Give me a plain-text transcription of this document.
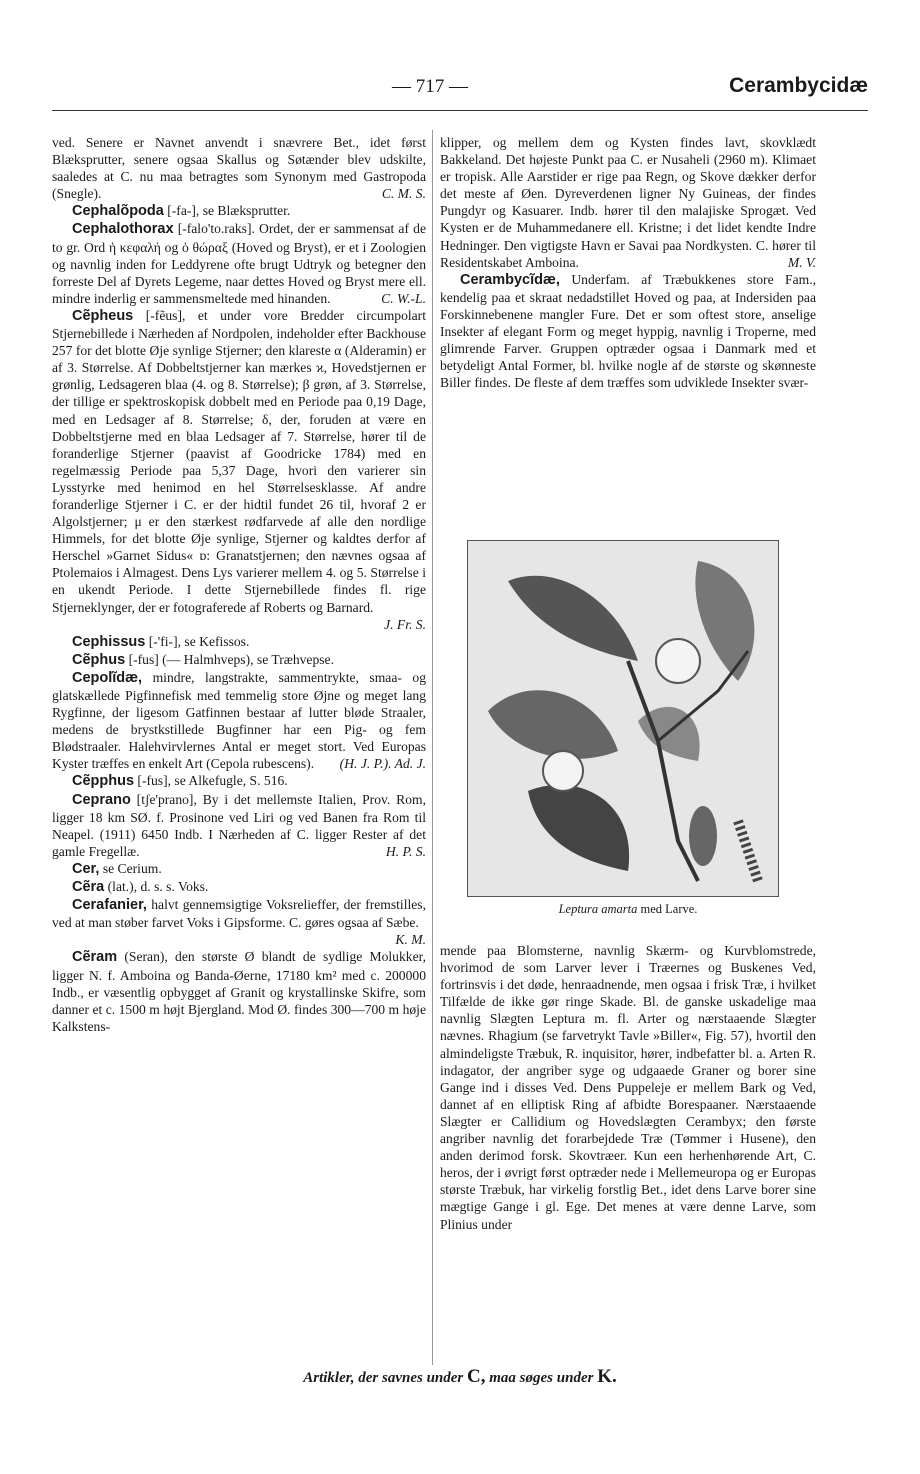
— 717 —	Cerambycidæ

ved. Senere er Navnet anvendt i snævrere Bet., idet først Blæksprutter, senere ogsaa Skallus og Søtænder blev udskilte, saaledes at C. nu maa betragtes som Synonym med Gastropoda (Snegle).	C. M. S.

Cephalõpoda [-fa-], se Blæksprutter.

Cephalothorax [-falo'to.raks]. Ordet, der er sammensat af de to gr. Ord ἡ κεφαλή og ὁ θώραξ (Hoved og Bryst), er et i Zoologien og navnlig inden for Leddyrene ofte brugt Udtryk og betegner den forreste Del af Dyrets Legeme, naar dettes Hoved og Bryst mere ell. mindre inderlig er sammensmeltede med hinanden.	C. W.-L.

Cẽpheus [-fẽus], et under vore Bredder circumpolart Stjernebillede i Nærheden af Nordpolen, indeholder efter Backhouse 257 for det blotte Øje synlige Stjerner; den klareste α (Alderamin) er af 3. Størrelse. Af Dobbeltstjerner kan mærkes ϰ, Hovedstjernen er grønlig, Ledsageren blaa (4. og 8. Størrelse); β grøn, af 3. Størrelse, der tillige er spektroskopisk dobbelt med en Periode paa 0,19 Dage, med en Ledsager af 8. Størrelse; δ, der, foruden at være en Dobbeltstjerne med en blaa Ledsager af 7. Størrelse, hører til de foranderlige Stjerner (paavist af Goodricke 1784) med en regelmæssig Periode paa 5,37 Dage, hvori den varierer sin Lysstyrke med henimod en hel Størrelsesklasse. Af andre foranderlige Stjerner i C. er der hidtil fundet 26 til, hvoraf 2 er Algolstjerner; μ er den stærkest rødfarvede af alle den nordlige Himmels, for det blotte Øje synlige, Stjerner og kaldtes derfor af Herschel »Garnet Sidus« ɒ: Granatstjernen; den nævnes ogsaa af Ptolemaios i Almagest. Dens Lys varierer mellem 4. og 5. Størrelse i en ukendt Periode. I dette Stjernebillede findes fl. rige Stjerneklynger, der er fotograferede af Roberts og Barnard.
J. Fr. S.

Cephissus [-'fi-], se Kefissos.

Cẽphus [-fus] (— Halmhveps), se Træhvepse.

Cepolĩdæ, mindre, langstrakte, sammentrykte, smaa- og glatskællede Pigfinnefisk med temmelig store Øjne og meget lang Rygfinne, der ligesom Gatfinnen bestaar af lutter bløde Straaler, medens de brystkstillede Bugfinner har een Pig- og fem Blødstraaler. Halehvirvlernes Antal er meget stort. Ved Europas Kyster træffes en enkelt Art (Cepola rubescens).	(H. J. P.). Ad. J.

Cẽpphus [-fus], se Alkefugle, S. 516.

Ceprano [tʃe'prano], By i det mellemste Italien, Prov. Rom, ligger 18 km SØ. f. Prosinone ved Liri og ved Banen fra Rom til Neapel. (1911) 6450 Indb. I Nærheden af C. ligger Rester af det gamle Fregellæ.	H. P. S.

Cer, se Cerium.

Cẽra (lat.), d. s. s. Voks.

Cerafanier, halvt gennemsigtige Voksrelieffer, der fremstilles, ved at man støber farvet Voks i Gipsforme. C. gøres ogsaa af Sæbe.
K. M.

Cẽram (Seran), den største Ø blandt de sydlige Molukker, ligger N. f. Amboina og Banda-Øerne, 17180 km² med c. 200000 Indb., er væsentlig opbygget af Granit og krystallinske Skifre, som danner et c. 1500 m højt Bjergland. Mod Ø. findes 300—700 m høje Kalkstens-

klipper, og mellem dem og Kysten findes lavt, skovklædt Bakkeland. Det højeste Punkt paa C. er Nusaheli (2960 m). Klimaet er tropisk. Alle Aarstider er rige paa Regn, og Skove dækker derfor det meste af Øen. Dyreverdenen ligner Ny Guineas, der findes Pungdyr og Kasuarer. Indb. hører til den malajiske Sprogæt. Ved Kysten er de Muhammedanere ell. Kristne; i det lidet kendte Indre Hedninger. Den vigtigste Havn er Savai paa Nordkysten. C. hører til Residentskabet Amboina.	M. V.

Cerambycĩdæ, Underfam. af Træbukkenes store Fam., kendelig paa et skraat nedadstillet Hoved og paa, at Indersiden paa Forskinnebenene mangler Fure. Det er som oftest store, anselige Insekter af elegant Form og meget hyppig, navnlig i Troperne, med glimrende Farver. Gruppen optræder ogsaa i Danmark med et betydeligt Antal Former, bl. hvilke nogle af de største og skønneste Biller findes. De fleste af dem træffes som udviklede Insekter svær-

Leptura amarta med Larve.

mende paa Blomsterne, navnlig Skærm- og Kurvblomstrede, hvorimod de som Larver lever i Træernes og Buskenes Ved, fortrinsvis i det døde, henraadnende, men ogsaa i frisk Træ, i hvilket Tilfælde de ikke gør ringe Skade. Bl. de ganske uskadelige maa navnlig Slægten Leptura m. fl. Arter og nærstaaende Slægter nævnes. Rhagium (se farvetrykt Tavle »Biller«, Fig. 57), hvortil den almindeligste Træbuk, R. inquisitor, hører, indbefatter bl. a. Arten R. indagator, der angriber syge og udgaaede Graner og borer sine Gange ind i disses Ved. Dens Puppeleje er mellem Bark og Ved, dannet af en elliptisk Ring af afbidte Borespaaner. Nærstaaende Slægter er Callidium og Hovedslægten Cerambyx; den første angriber navnlig det forarbejdede Træ (Tømmer i Husene), den anden derimod forsk. Skovtræer. Kun een herhenhørende Art, C. heros, der i øvrigt først optræder nede i Mellemeuropa og er Europas største Træbuk, har virkelig forstlig Bet., idet dens Larve borer sine mægtige Gange i gl. Ege. Det menes at være denne Larve, som Plinius under

Artikler, der savnes under C, maa søges under K.
